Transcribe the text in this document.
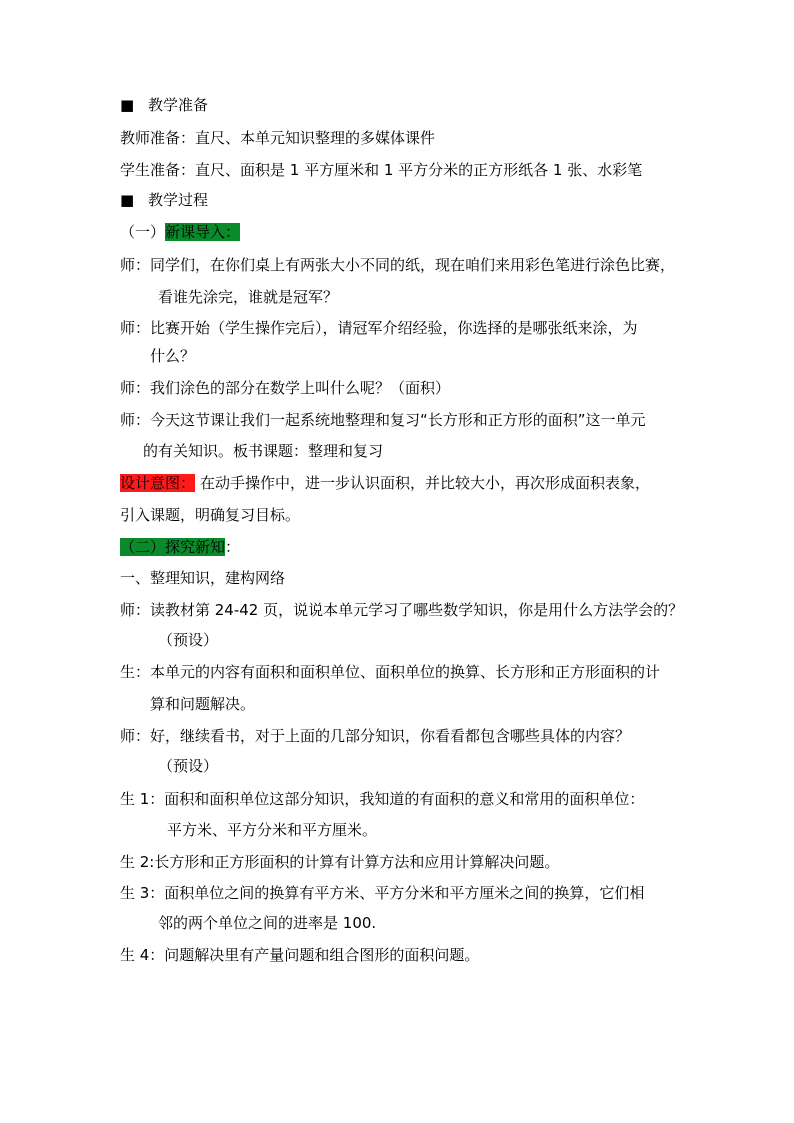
■ 教学准备
教师准备：直尺、本单元知识整理的多媒体课件
学生准备：直尺、面积是 1 平方厘米和 1 平方分米的正方形纸各 1 张、水彩笔
■ 教学过程
（一）新课导入：
师：同学们，在你们桌上有两张大小不同的纸，现在咱们来用彩色笔进行涂色比赛，
看谁先涂完，谁就是冠军？
师：比赛开始（学生操作完后），请冠军介绍经验，你选择的是哪张纸来涂，为
什么？
师：我们涂色的部分在数学上叫什么呢？（面积）
师：今天这节课让我们一起系统地整理和复习“长方形和正方形的面积”这一单元
的有关知识。板书课题：整理和复习
设计意图： 在动手操作中，进一步认识面积，并比较大小，再次形成面积表象，
引入课题，明确复习目标。
（二）探究新知：
一、整理知识，建构网络
师：读教材第 24-42 页，说说本单元学习了哪些数学知识，你是用什么方法学会的？
（预设）
生：本单元的内容有面积和面积单位、面积单位的换算、长方形和正方形面积的计
算和问题解决。
师：好，继续看书，对于上面的几部分知识，你看看都包含哪些具体的内容？
（预设）
生 1：面积和面积单位这部分知识，我知道的有面积的意义和常用的面积单位：
平方米、平方分米和平方厘米。
生 2:长方形和正方形面积的计算有计算方法和应用计算解决问题。
生 3：面积单位之间的换算有平方米、平方分米和平方厘米之间的换算，它们相
邻的两个单位之间的进率是 100.
生 4：问题解决里有产量问题和组合图形的面积问题。
